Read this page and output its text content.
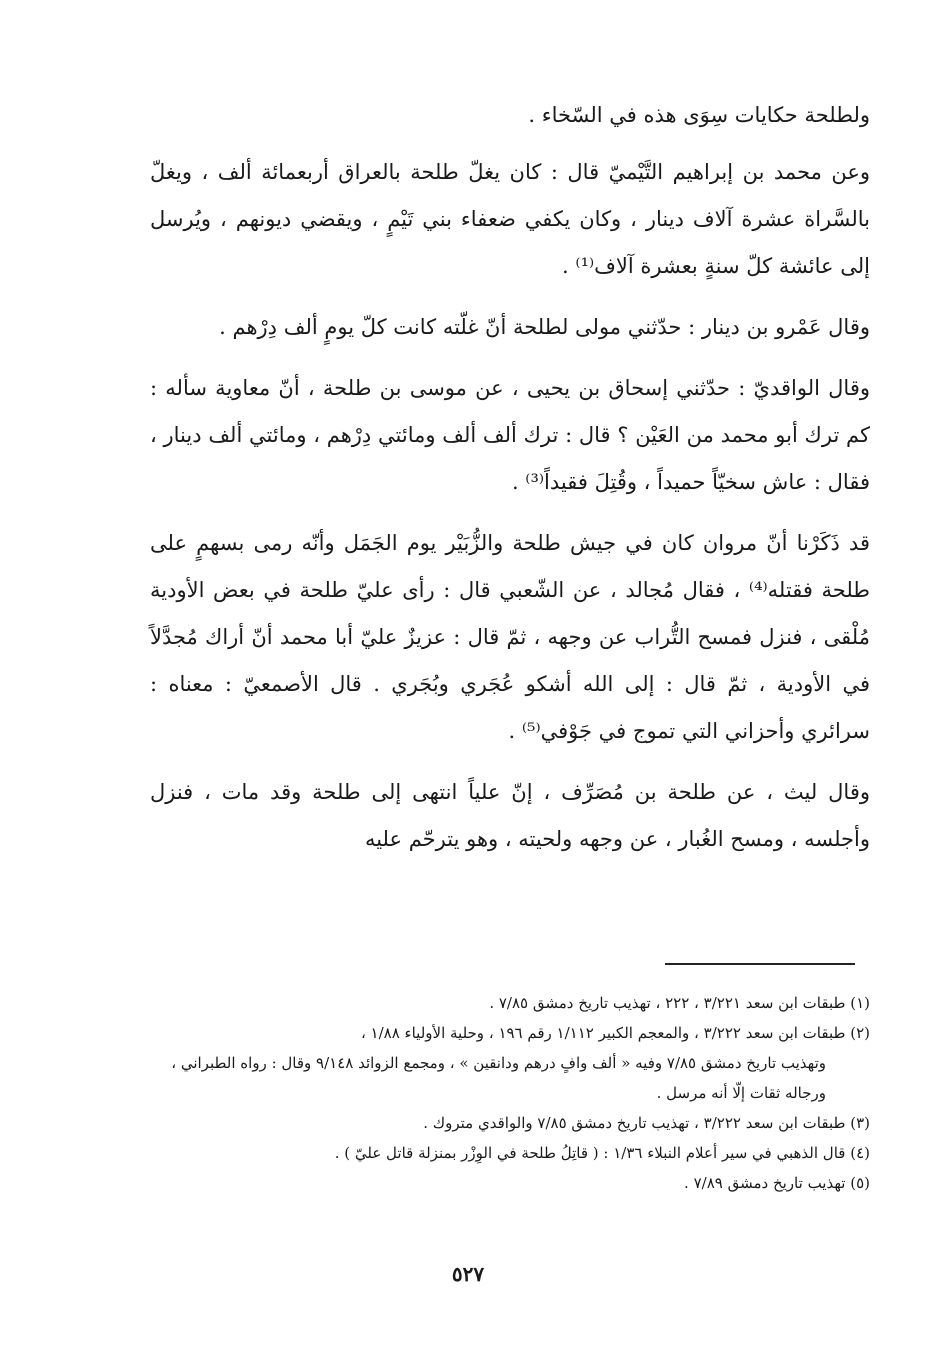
ولطلحة حكايات سِوَى هذه في السّخاء .

وعن محمد بن إبراهيم التَّيْميّ قال : كان يغلّ طلحة بالعراق أربعمائة ألف ، ويغلّ بالسَّراة عشرة آلاف دينار ، وكان يكفي ضعفاء بني تَيْمٍ ، ويقضي ديونهم ، ويُرسل إلى عائشة كلّ سنةٍ بعشرة آلاف⁽¹⁾ .

وقال عَمْرو بن دينار : حدّثني مولى لطلحة أنّ غلّته كانت كلّ يومٍ ألف دِرْهم .

وقال الواقديّ : حدّثني إسحاق بن يحيى ، عن موسى بن طلحة ، أنّ معاوية سأله : كم ترك أبو محمد من العَيْن ؟ قال : ترك ألف ألف ومائتي دِرْهم ، ومائتي ألف دينار ، فقال : عاش سخيّاً حميداً ، وقُتِلَ فقيداً⁽³⁾ .

قد ذَكَرْنا أنّ مروان كان في جيش طلحة والزُّبَيْر يوم الجَمَل وأنّه رمى بسهمٍ على طلحة فقتله⁽⁴⁾ ، فقال مُجالد ، عن الشّعبي قال : رأى عليّ طلحة في بعض الأودية مُلْقى ، فنزل فمسح التُّراب عن وجهه ، ثمّ قال : عزيزٌ عليّ أبا محمد أنّ أراك مُجدَّلاً في الأودية ، ثمّ قال : إلى الله أشكو عُجَري وبُجَري . قال الأصمعيّ : معناه : سرائري وأحزاني التي تموج في جَوْفي⁽⁵⁾ .

وقال ليث ، عن طلحة بن مُصَرِّف ، إنّ علياً انتهى إلى طلحة وقد مات ، فنزل وأجلسه ، ومسح الغُبار ، عن وجهه ولحيته ، وهو يترحّم عليه

(١) طبقات ابن سعد ٣/٢٢١ ، ٢٢٢ ، تهذيب تاريخ دمشق ٧/٨٥ .

(٢) طبقات ابن سعد ٣/٢٢٢ ، والمعجم الكبير ١/١١٢ رقم ١٩٦ ، وحلية الأولياء ١/٨٨ ،
وتهذيب تاريخ دمشق ٧/٨٥ وفيه « ألف وافٍ درهم ودانقين » ، ومجمع الزوائد ٩/١٤٨ وقال : رواه الطبراني ، ورجاله ثقات إلّا أنه مرسل .

(٣) طبقات ابن سعد ٣/٢٢٢ ، تهذيب تاريخ دمشق ٧/٨٥ والواقدي متروك .

(٤) قال الذهبي في سير أعلام النبلاء ١/٣٦ : ( قاتِلُ طلحة في الوِزْر بمنزلة قاتل عليّ ) .

(٥) تهذيب تاريخ دمشق ٧/٨٩ .

٥٢٧
